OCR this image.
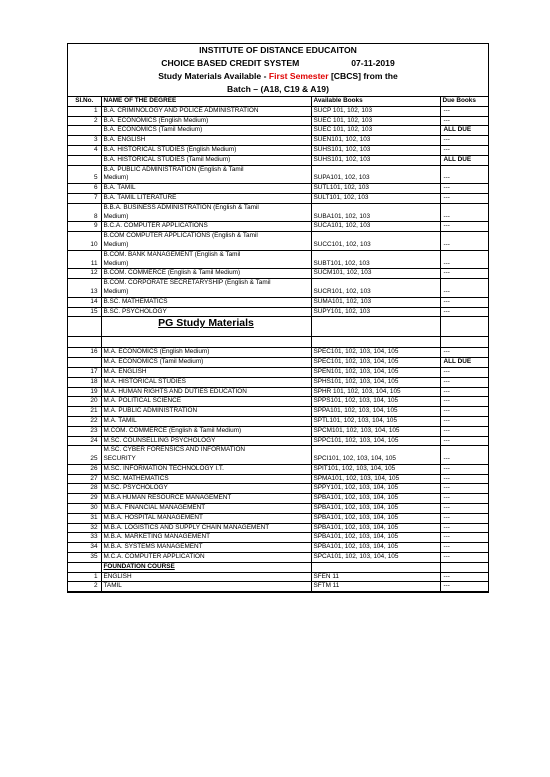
INSTITUTE OF DISTANCE EDUCAITON
CHOICE BASED CREDIT SYSTEM	07-11-2019
Study Materials Available - First Semester [CBCS] from the
Batch – (A18, C19 & A19)
Sl.No.	NAME OF THE DEGREE	Available Books	Due Books
1	B.A. CRIMINOLOGY AND POLICE ADMINISTRATION	SUCP 101, 102, 103	---
2	B.A. ECONOMICS (English Medium)	SUEC 101, 102, 103	---
	B.A. ECONOMICS (Tamil Medium)	SUEC 101, 102, 103	ALL DUE
3	B.A. ENGLISH	SUEN101, 102, 103	---
4	B.A. HISTORICAL STUDIES (English Medium)	SUHS101, 102, 103	---
	B.A. HISTORICAL STUDIES (Tamil Medium)	SUHS101, 102, 103	ALL DUE
5	B.A. PUBLIC ADMINISTRATION (English & Tamil
Medium)	SUPA101, 102, 103	---
6	B.A. TAMIL	SUTL101, 102, 103	---
7	B.A. TAMIL LITERATURE	SULT101, 102, 103	---
8	B.B.A. BUSINESS ADMINISTRATION (English & Tamil
Medium)	SUBA101, 102, 103	---
9	B.C.A. COMPUTER APPLICATIONS	SUCA101, 102, 103	---
10	B.COM COMPUTER APPLICATIONS (English & Tamil
Medium)	SUCC101, 102, 103	---
11	B.COM. BANK MANAGEMENT (English & Tamil
Medium)	SUBT101, 102, 103	---
12	B.COM. COMMERCE (English & Tamil Medium)	SUCM101, 102, 103	---
13	B.COM. CORPORATE SECRETARYSHIP (English & Tamil
Medium)	SUCR101, 102, 103	---
14	B.SC. MATHEMATICS	SUMA101, 102, 103	---
15	B.SC. PSYCHOLOGY	SUPY101, 102, 103	---
	PG Study Materials		

16	M.A. ECONOMICS (English Medium)	SPEC101, 102, 103, 104, 105	---
	M.A. ECONOMICS (Tamil Medium)	SPEC101, 102, 103, 104, 105	ALL DUE
17	M.A. ENGLISH	SPEN101, 102, 103, 104, 105	---
18	M.A. HISTORICAL STUDIES	SPHS101, 102, 103, 104, 105	---
19	M.A. HUMAN RIGHTS AND DUTIES EDUCATION	SPHR 101, 102, 103, 104, 105	---
20	M.A. POLITICAL SCIENCE	SPPS101, 102, 103, 104, 105	---
21	M.A. PUBLIC ADMINISTRATION	SPPA101, 102, 103, 104, 105	---
22	M.A. TAMIL	SPTL101, 102, 103, 104, 105	---
23	M.COM. COMMERCE (English & Tamil Medium)	SPCM101, 102, 103, 104, 105	---
24	M.SC. COUNSELLING PSYCHOLOGY	SPPC101, 102, 103, 104, 105	---
25	M.SC. CYBER FORENSICS AND INFORMATION
SECURITY	SPCI101, 102, 103, 104, 105	---
26	M.SC. INFORMATION TECHNOLOGY I.T.	SPIT101, 102, 103, 104, 105	---
27	M.SC. MATHEMATICS	SPMA101, 102, 103, 104, 105	---
28	M.SC. PSYCHOLOGY	SPPY101, 102, 103, 104, 105	---
29	M.B.A HUMAN RESOURCE MANAGEMENT	SPBA101, 102, 103, 104, 105	---
30	M.B.A. FINANCIAL MANAGEMENT	SPBA101, 102, 103, 104, 105	---
31	M.B.A. HOSPITAL MANAGEMENT	SPBA101, 102, 103, 104, 105	---
32	M.B.A. LOGISTICS AND SUPPLY CHAIN MANAGEMENT	SPBA101, 102, 103, 104, 105	---
33	M.B.A. MARKETING MANAGEMENT	SPBA101, 102, 103, 104, 105	---
34	M.B.A. SYSTEMS MANAGEMENT	SPBA101, 102, 103, 104, 105	---
35	M.C.A. COMPUTER APPLICATION	SPCA101, 102, 103, 104, 105	---
	FOUNDATION COURSE		
1	ENGLISH	SFEN 11	---
2	TAMIL	SFTM 11	---
